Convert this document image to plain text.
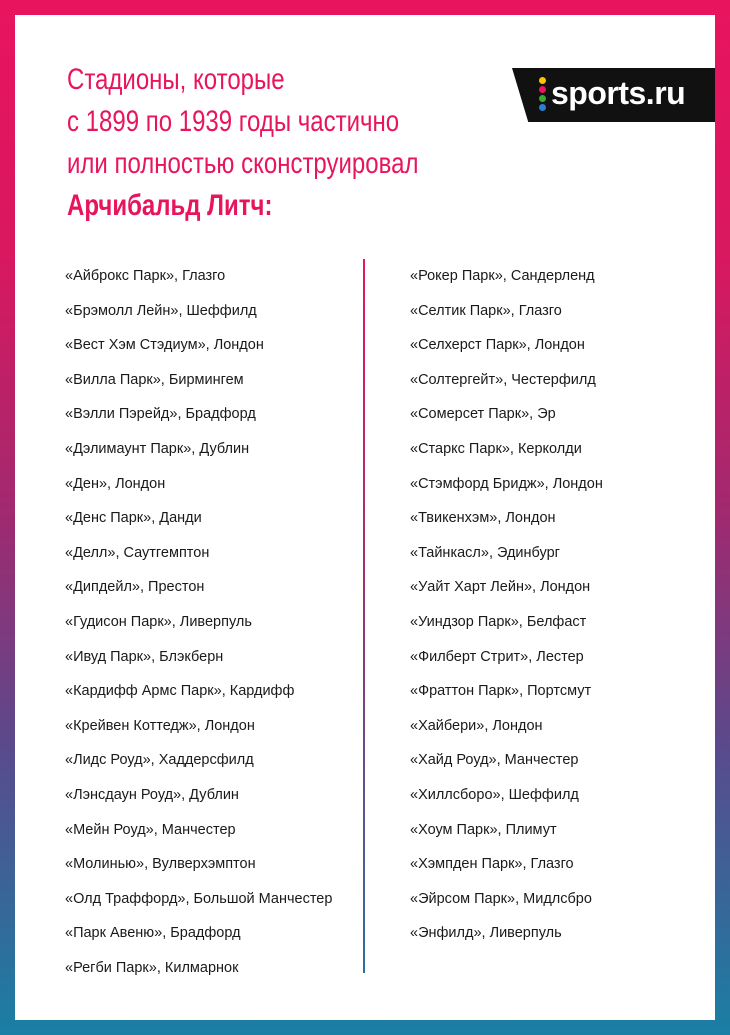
Стадионы, которые
с 1899 по 1939 годы частично
или полностью сконструировал
Арчибальд Литч:
sports.ru
«Айброкс Парк», Глазго
«Брэмолл Лейн», Шеффилд
«Вест Хэм Стэдиум», Лондон
«Вилла Парк», Бирмингем
«Вэлли Пэрейд», Брадфорд
«Дэлимаунт Парк», Дублин
«Ден», Лондон
«Денс Парк», Данди
«Делл», Саутгемптон
«Дипдейл», Престон
«Гудисон Парк», Ливерпуль
«Ивуд Парк», Блэкберн
«Кардифф Армс Парк», Кардифф
«Крейвен Коттедж», Лондон
«Лидс Роуд», Хаддерсфилд
«Лэнсдаун Роуд», Дублин
«Мейн Роуд», Манчестер
«Молинью», Вулверхэмптон
«Олд Траффорд», Большой Манчестер
«Парк Авеню», Брадфорд
«Регби Парк», Килмарнок
«Рокер Парк», Сандерленд
«Селтик Парк», Глазго
«Селхерст Парк», Лондон
«Солтергейт», Честерфилд
«Сомерсет Парк», Эр
«Старкс Парк», Керколди
«Стэмфорд Бридж», Лондон
«Твикенхэм», Лондон
«Тайнкасл», Эдинбург
«Уайт Харт Лейн», Лондон
«Уиндзор Парк», Белфаст
«Филберт Стрит», Лестер
«Фраттон Парк», Портсмут
«Хайбери», Лондон
«Хайд Роуд», Манчестер
«Хиллсборо», Шеффилд
«Хоум Парк», Плимут
«Хэмпден Парк», Глазго
«Эйрсом Парк», Мидлсбро
«Энфилд», Ливерпуль
